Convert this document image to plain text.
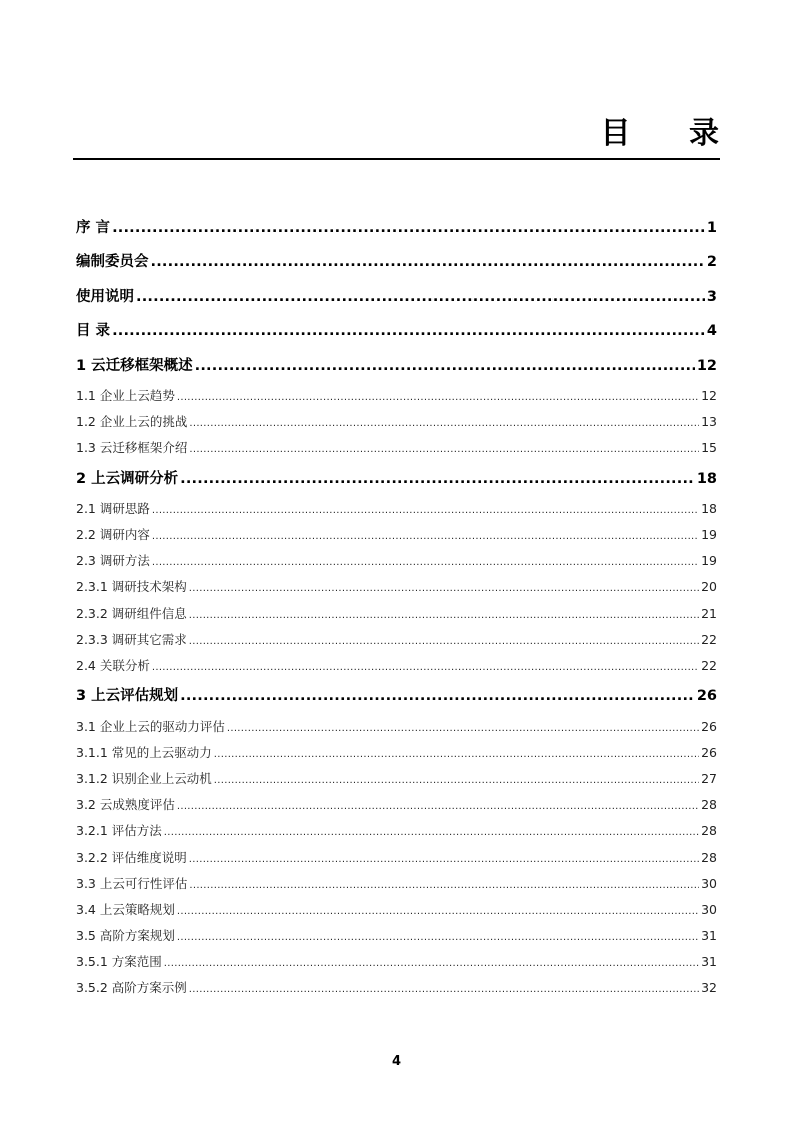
目 录
序 言 .....	1
编制委员会 .....	2
使用说明 .....	3
目 录 .....	4
1 云迁移框架概述 .....	12
1.1 企业上云趋势 .....	12
1.2 企业上云的挑战 .....	13
1.3 云迁移框架介绍 .....	15
2 上云调研分析 .....	18
2.1 调研思路 .....	18
2.2 调研内容 .....	19
2.3 调研方法 .....	19
2.3.1 调研技术架构 .....	20
2.3.2 调研组件信息 .....	21
2.3.3 调研其它需求 .....	22
2.4 关联分析 .....	22
3 上云评估规划 .....	26
3.1 企业上云的驱动力评估 .....	26
3.1.1 常见的上云驱动力 .....	26
3.1.2 识别企业上云动机 .....	27
3.2 云成熟度评估 .....	28
3.2.1 评估方法 .....	28
3.2.2 评估维度说明 .....	28
3.3 上云可行性评估 .....	30
3.4 上云策略规划 .....	30
3.5 高阶方案规划 .....	31
3.5.1 方案范围 .....	31
3.5.2 高阶方案示例 .....	32
4
